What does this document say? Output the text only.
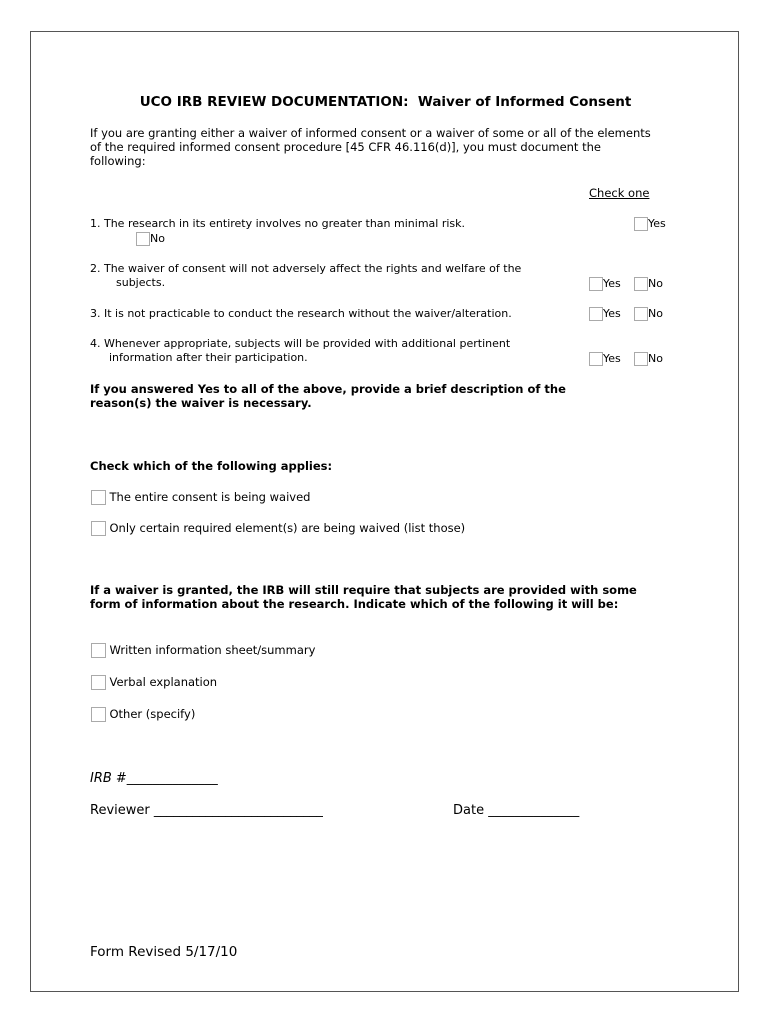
UCO IRB REVIEW DOCUMENTATION:  Waiver of Informed Consent
If you are granting either a waiver of informed consent or a waiver of some or all of the elements of the required informed consent procedure [45 CFR 46.116(d)], you must document the following:
Check one
1. The research in its entirety involves no greater than minimal risk.	Yes
No
2. The waiver of consent will not adversely affect the rights and welfare of the
subjects.	Yes	No
3. It is not practicable to conduct the research without the waiver/alteration.	Yes	No
4. Whenever appropriate, subjects will be provided with additional pertinent
information after their participation.	Yes	No
If you answered Yes to all of the above, provide a brief description of the reason(s) the waiver is necessary.
Check which of the following applies:
The entire consent is being waived
Only certain required element(s) are being waived (list those)
If a waiver is granted, the IRB will still require that subjects are provided with some form of information about the research. Indicate which of the following it will be:
Written information sheet/summary
Verbal explanation
Other (specify)
IRB #______________
Reviewer __________________________	Date ______________
Form Revised 5/17/10
